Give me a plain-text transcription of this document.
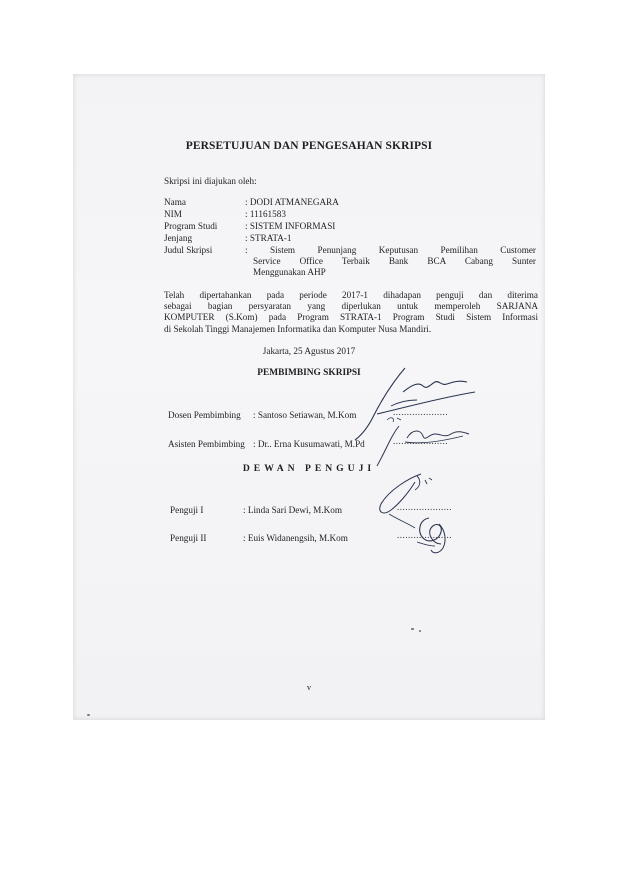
PERSETUJUAN DAN PENGESAHAN SKRIPSI
Skripsi ini diajukan oleh:
Nama	: DODI ATMANEGARA
NIM	: 11161583
Program Studi	: SISTEM INFORMASI
Jenjang	: STRATA-1
Judul Skripsi	: Sistem Penunjang Keputusan Pemilihan Customer
Service Office Terbaik Bank BCA Cabang Sunter
Menggunakan AHP
Telah dipertahankan pada periode 2017-1 dihadapan penguji dan diterima
sebagai bagian persyaratan yang diperlukan untuk memperoleh SARJANA
KOMPUTER (S.Kom) pada Program STRATA-1 Program Studi Sistem Informasi
di Sekolah Tinggi Manajemen Informatika dan Komputer Nusa Mandiri.
Jakarta, 25 Agustus 2017
PEMBIMBING SKRIPSI
Dosen Pembimbing : Santoso Setiawan, M.Kom	....................
Asisten Pembimbing : Dr.. Erna Kusumawati, M.Pd	....................
DEWAN PENGUJI
Penguji I	: Linda Sari Dewi, M.Kom	....................
Penguji II	: Euis Widanengsih, M.Kom	....................
v
